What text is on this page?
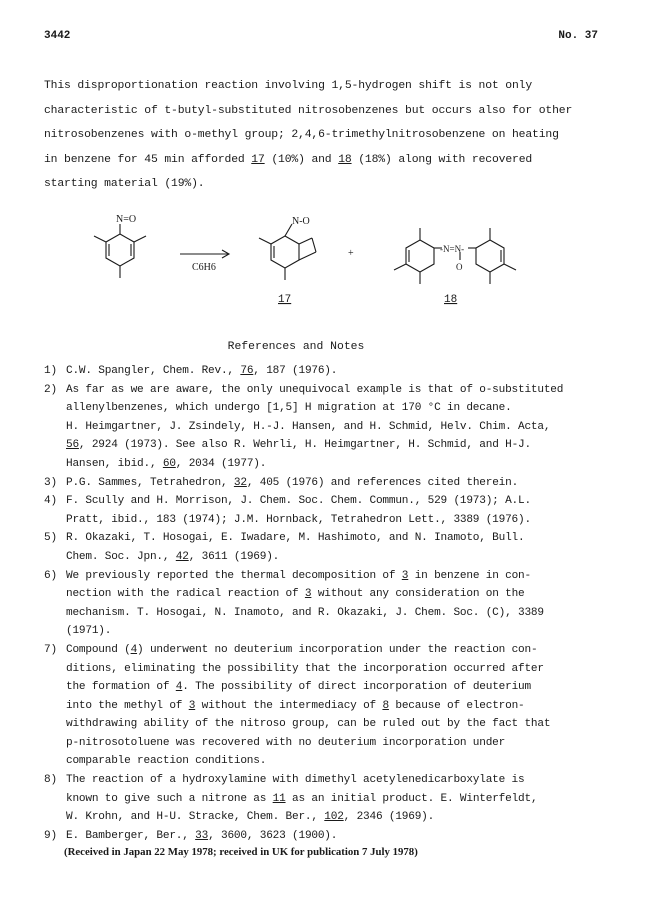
3442	No. 37
This disproportionation reaction involving 1,5-hydrogen shift is not only
characteristic of t-butyl-substituted nitrosobenzenes but occurs also for other
nitrosobenzenes with o-methyl group; 2,4,6-trimethylnitrosobenzene on heating
in benzene for 45 min afforded 17 (10%) and 18 (18%) along with recovered
starting material (19%).
N=O
C6H6
N-O
+	-N=N-
O
17	18
References and Notes
1) C.W. Spangler, Chem. Rev., 76, 187 (1976).
2) As far as we are aware, the only unequivocal example is that of o-substituted
allenylbenzenes, which undergo [1,5] H migration at 170 °C in decane.
H. Heimgartner, J. Zsindely, H.-J. Hansen, and H. Schmid, Helv. Chim. Acta,
56, 2924 (1973). See also R. Wehrli, H. Heimgartner, H. Schmid, and H-J.
Hansen, ibid., 60, 2034 (1977).
3) P.G. Sammes, Tetrahedron, 32, 405 (1976) and references cited therein.
4) F. Scully and H. Morrison, J. Chem. Soc. Chem. Commun., 529 (1973); A.L.
Pratt, ibid., 183 (1974); J.M. Hornback, Tetrahedron Lett., 3389 (1976).
5) R. Okazaki, T. Hosogai, E. Iwadare, M. Hashimoto, and N. Inamoto, Bull.
Chem. Soc. Jpn., 42, 3611 (1969).
6) We previously reported the thermal decomposition of 3 in benzene in con-
nection with the radical reaction of 3 without any consideration on the
mechanism. T. Hosogai, N. Inamoto, and R. Okazaki, J. Chem. Soc. (C), 3389
(1971).
7) Compound (4) underwent no deuterium incorporation under the reaction con-
ditions, eliminating the possibility that the incorporation occurred after
the formation of 4. The possibility of direct incorporation of deuterium
into the methyl of 3 without the intermediacy of 8 because of electron-
withdrawing ability of the nitroso group, can be ruled out by the fact that
p-nitrosotoluene was recovered with no deuterium incorporation under
comparable reaction conditions.
8) The reaction of a hydroxylamine with dimethyl acetylenedicarboxylate is
known to give such a nitrone as 11 as an initial product. E. Winterfeldt,
W. Krohn, and H-U. Stracke, Chem. Ber., 102, 2346 (1969).
9) E. Bamberger, Ber., 33, 3600, 3623 (1900).
(Received in Japan 22 May 1978; received in UK for publication 7 July 1978)
